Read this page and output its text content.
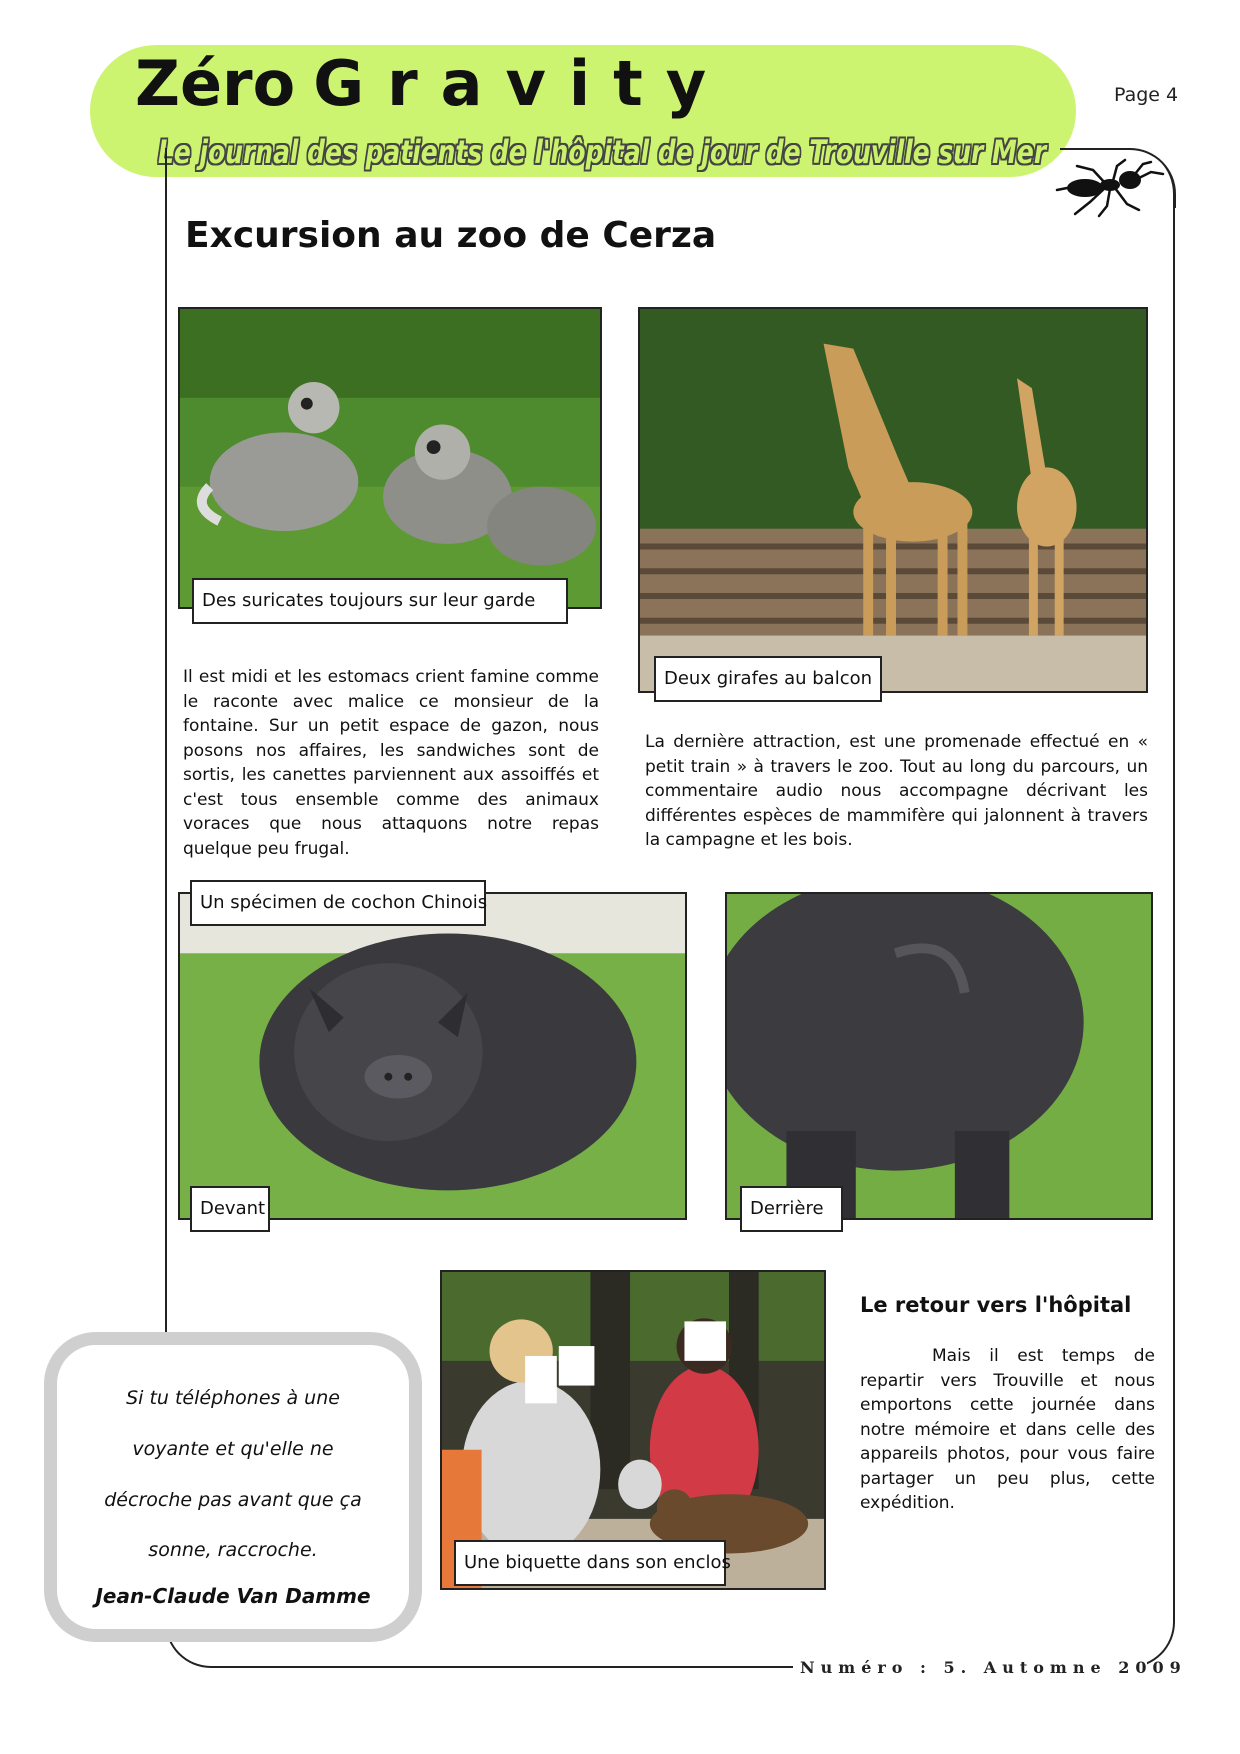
Zéro Gravity
Le journal des patients de l'hôpital de jour de Trouville sur Mer
Page 4
Numéro : 5. Automne 2009
Excursion au zoo de Cerza
Des suricates toujours sur leur garde
Deux girafes au balcon
Il est midi et les estomacs crient famine comme le raconte avec malice ce monsieur de la fontaine. Sur un petit espace de gazon, nous posons nos affaires, les sandwiches sont de sortis, les canettes parviennent aux assoiffés et c'est tous ensemble comme des animaux voraces que nous attaquons notre repas quelque peu frugal.
La dernière attraction, est une promenade effectué en « petit train » à travers le zoo. Tout au long du parcours, un commentaire audio nous accompagne décrivant les différentes espèces de mammifère qui jalonnent à travers la campagne et les bois.
Un spécimen de cochon Chinois
Devant	Derrière
Une biquette dans son enclos
Le retour vers l'hôpital
Mais il est temps de repartir vers Trouville et nous emportons cette journée dans notre mémoire et dans celle des appareils photos, pour vous faire partager un peu plus, cette expédition.
Si tu téléphones à une
voyante et qu'elle ne
décroche pas avant que ça
sonne, raccroche.
Jean-Claude Van Damme
